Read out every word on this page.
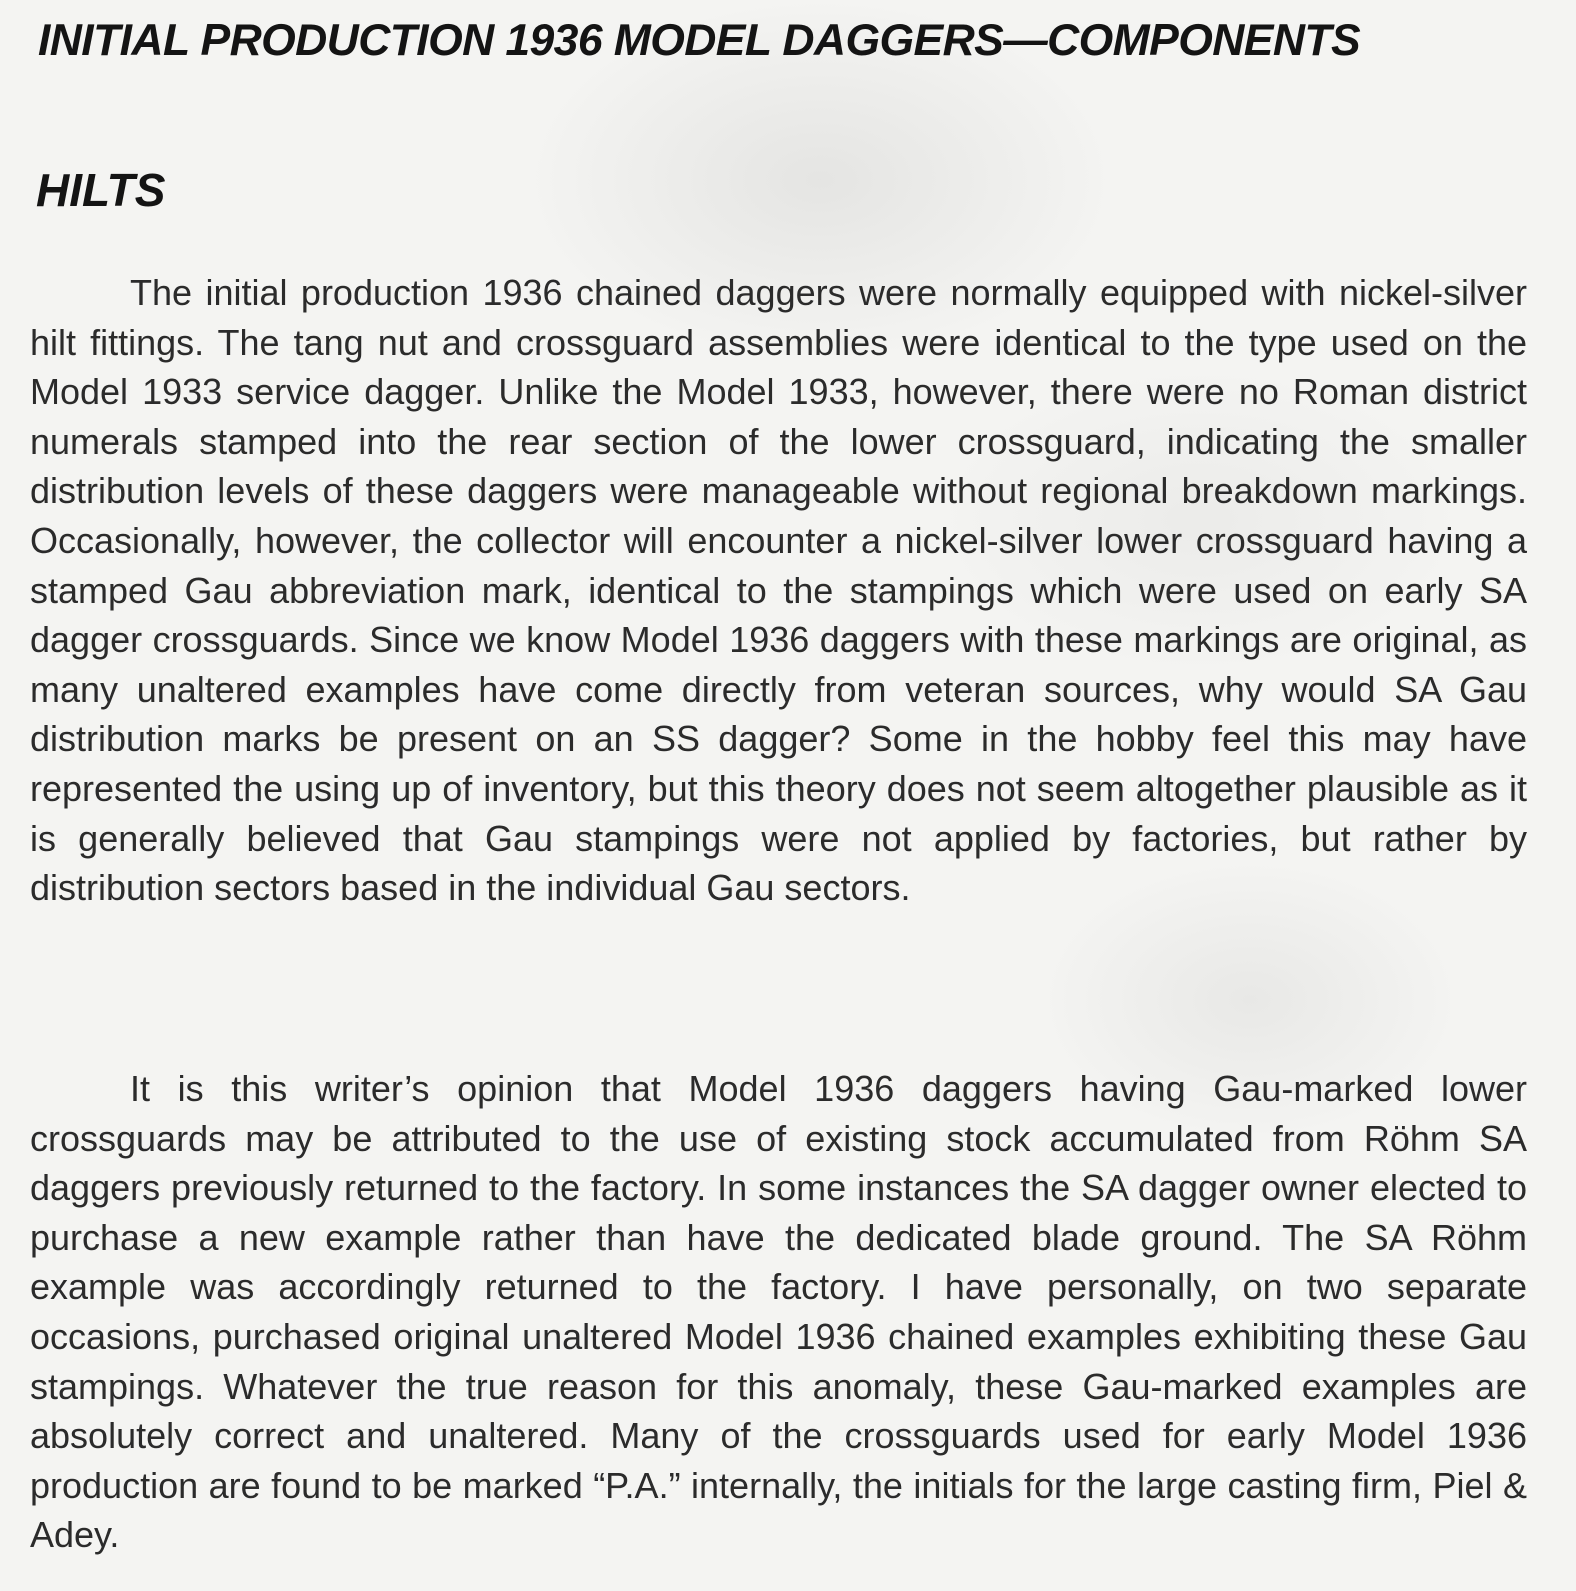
INITIAL PRODUCTION 1936 MODEL DAGGERS—COMPONENTS
HILTS

The initial production 1936 chained daggers were normally equipped with nickel-silver hilt fittings. The tang nut and crossguard assemblies were identical to the type used on the Model 1933 service dagger. Unlike the Model 1933, however, there were no Roman district numerals stamped into the rear section of the lower crossguard, indicating the smaller distribution levels of these daggers were manageable without regional breakdown markings. Occasionally, however, the collector will encounter a nickel-silver lower crossguard having a stamped Gau abbreviation mark, identical to the stampings which were used on early SA dagger crossguards. Since we know Model 1936 daggers with these markings are original, as many unaltered examples have come directly from veteran sources, why would SA Gau distribution marks be present on an SS dagger? Some in the hobby feel this may have represented the using up of inventory, but this theory does not seem altogether plausible as it is generally believed that Gau stampings were not applied by factories, but rather by distribution sectors based in the individual Gau sectors.

It is this writer’s opinion that Model 1936 daggers having Gau-marked lower crossguards may be attributed to the use of existing stock accumulated from Röhm SA daggers previously returned to the factory. In some instances the SA dagger owner elected to purchase a new example rather than have the dedicated blade ground. The SA Röhm example was accordingly returned to the factory. I have personally, on two separate occasions, purchased original unaltered Model 1936 chained examples exhibiting these Gau stampings. Whatever the true reason for this anomaly, these Gau-marked examples are absolutely correct and unaltered. Many of the crossguards used for early Model 1936 production are found to be marked “P.A.” internally, the initials for the large casting firm, Piel & Adey.
